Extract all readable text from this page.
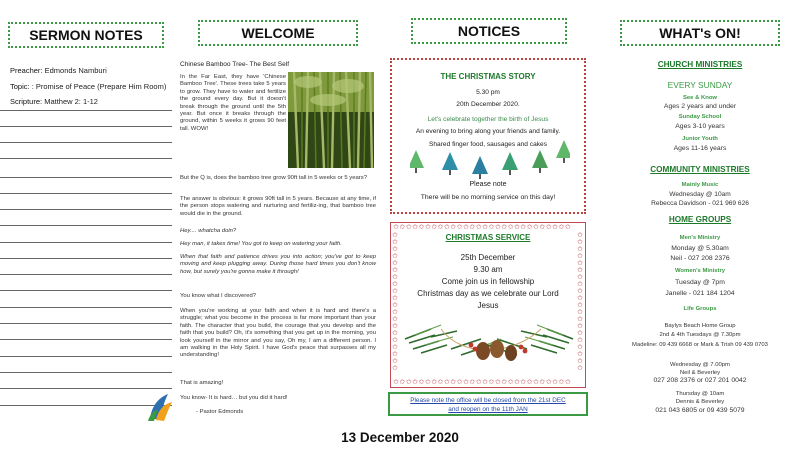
SERMON NOTES
Preacher: Edmonds Namburi
Topic: : Promise of Peace (Prepare Him Room)
Scripture: Matthew 2: 1-12
WELCOME
Chinese Bamboo Tree- The Best Self
In the Far East, they have 'Chinese Bamboo Tree'. These trees take 5 years to grow. They have to water and fertilize the ground every day. But it doesn't break through the ground until the 5th year. But once it breaks through the ground, within 5 weeks it grows 90 feet tall. WOW!
But the Q is, does the bamboo tree grow 90ft tall in 5 weeks or 5 years?
The answer is obvious: it grows 90ft tall in 5 years. Because at any time, if the person stops watering and nurturing and fertiliz-ing, that bamboo tree would die in the ground.
Hey.... whatcha doin?
Hey man, it takes time! You got to keep on watering your faith.
When that faith and patience drives you into action; you've got to keep moving and keep plugging away. During those hard times you don't know how, but surely you're gonna make it through!
You know what I discovered?
When you're working at your faith and when it is hard and there's a struggle; what you become in the process is far more important than your faith. The character that you build, the courage that you develop and the faith that you build? Oh, it's something that you get up in the morning, you look yourself in the mirror and you say, Oh my, I am a different person. I am walking in the Holy Spirit. I have God's peace that surpasses all my understanding!
That is amazing!
You know- It is hard… but you did it hard!
- Pastor Edmonds
NOTICES
THE CHRISTMAS STORY
5.30 pm
20th December 2020.
Let's celebrate together the birth of Jesus
An evening to bring along your friends and family.
Shared finger food, sausages and cakes
Please note
There will be no morning service on this day!
✩✩✩✩✩✩✩✩✩✩✩✩✩✩✩✩✩✩✩✩✩✩✩✩✩✩✩✩
✩✩✩✩✩✩✩✩✩✩✩✩✩✩✩✩✩✩✩✩✩✩✩✩✩✩✩✩
✩ ✩ ✩ ✩ ✩ ✩ ✩ ✩ ✩ ✩ ✩ ✩ ✩ ✩ ✩ ✩ ✩ ✩ ✩ ✩
✩ ✩ ✩ ✩ ✩ ✩ ✩ ✩ ✩ ✩ ✩ ✩ ✩ ✩ ✩ ✩ ✩ ✩ ✩ ✩
CHRISTMAS SERVICE
25th December
9.30 am
Come join us in fellowship
Christmas day as we celebrate our Lord
Jesus
Please note the office will be closed from the 21st DEC
and reopen on the 11th JAN
WHAT's ON!
CHURCH MINISTRIES
EVERY SUNDAY
See & Know
Ages 2 years and under
Sunday School
Ages 3-10 years
Junior Youth
Ages 11-16 years
COMMUNITY MINISTRIES
Mainly Music
Wednesday @ 10am
Rebecca Davidson - 021 969 626
HOME GROUPS
Men's Ministry
Monday @ 5.30am
Neil - 027 208 2376
Women's Ministry
Tuesday @ 7pm
Janelle - 021 184 1204
Life Groups
Baylys Beach Home Group
2nd & 4th Tuesdays @ 7.30pm
Madeline: 09 439 6668 or Mark & Trish 09 439 0703
Wednesday @ 7.00pm
Neil & Beverley
027 208 2376 or 027 201 0042
Thursday @ 10am
Dennis & Beverley
021 043 6805 or 09 439 5079
13 December 2020
